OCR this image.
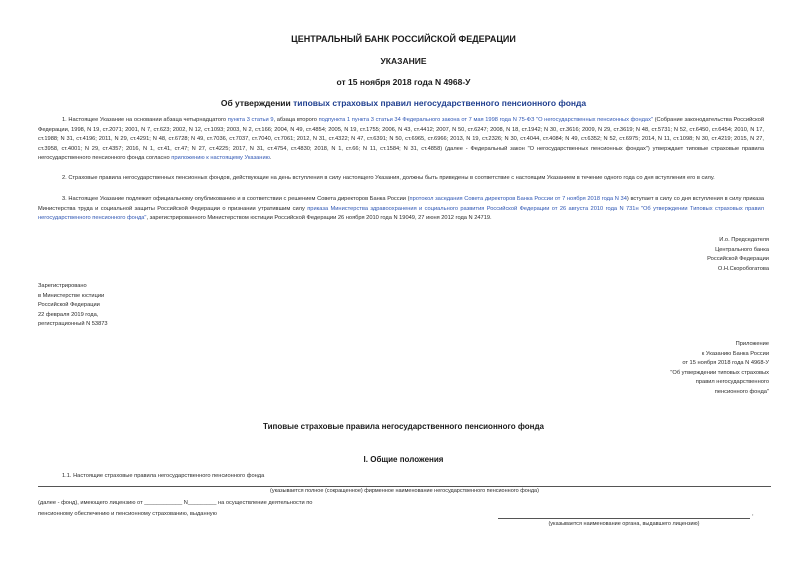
ЦЕНТРАЛЬНЫЙ БАНК РОССИЙСКОЙ ФЕДЕРАЦИИ
УКАЗАНИЕ
от 15 ноября 2018 года N 4968-У
Об утверждении типовых страховых правил негосударственного пенсионного фонда
1. Настоящее Указание на основании абзаца четырнадцатого пункта 3 статьи 9, абзаца второго подпункта 1 пункта 3 статьи 34 Федерального закона от 7 мая 1998 года N 75-ФЗ "О негосударственных пенсионных фондах" (Собрание законодательства Российской Федерации, 1998, N 19, ст.2071; 2001, N 7, ст.623; 2002, N 12, ст.1093; 2003, N 2, ст.166; 2004, N 49, ст.4854; 2005, N 19, ст.1755; 2006, N 43, ст.4412; 2007, N 50, ст.6247; 2008, N 18, ст.1942; N 30, ст.3616; 2009, N 29, ст.3619; N 48, ст.5731; N 52, ст.6450, ст.6454; 2010, N 17, ст.1988; N 31, ст.4196; 2011, N 29, ст.4291; N 48, ст.6728; N 49, ст.7036, ст.7037, ст.7040, ст.7061; 2012, N 31, ст.4322; N 47, ст.6391; N 50, ст.6965, ст.6966; 2013, N 19, ст.2326; N 30, ст.4044, ст.4084; N 49, ст.6352; N 52, ст.6975; 2014, N 11, ст.1098; N 30, ст.4219; 2015, N 27, ст.3958, ст.4001; N 29, ст.4357; 2016, N 1, ст.41, ст.47; N 27, ст.4225; 2017, N 31, ст.4754, ст.4830; 2018, N 1, ст.66; N 11, ст.1584; N 31, ст.4858) (далее - Федеральный закон "О негосударственных пенсионных фондах") утверждает типовые страховые правила негосударственного пенсионного фонда согласно приложению к настоящему Указанию.
2. Страховые правила негосударственных пенсионных фондов, действующие на день вступления в силу настоящего Указания, должны быть приведены в соответствие с настоящим Указанием в течение одного года со дня вступления его в силу.
3. Настоящее Указание подлежит официальному опубликованию и в соответствии с решением Совета директоров Банка России (протокол заседания Совета директоров Банка России от 7 ноября 2018 года N 34) вступает в силу со дня вступления в силу приказа Министерства труда и социальной защиты Российской Федерации о признании утратившим силу приказа Министерства здравоохранения и социального развития Российской Федерации от 26 августа 2010 года N 731н "Об утверждении Типовых страховых правил негосударственного пенсионного фонда", зарегистрированного Министерством юстиции Российской Федерации 26 ноября 2010 года N 19049, 27 июня 2012 года N 24719.
И.о. Председателя
Центрального банка
Российской Федерации
О.Н.Скоробогатова
Зарегистрировано
в Министерстве юстиции
Российской Федерации
22 февраля 2019 года,
регистрационный N 53873
Приложение
к Указанию Банка России
от 15 ноября 2018 года N 4968-У
"Об утверждении типовых страховых
правил негосударственного
пенсионного фонда"
Типовые страховые правила негосударственного пенсионного фонда
I. Общие положения
1.1. Настоящие страховые правила негосударственного пенсионного фонда
(указывается полное (сокращенное) фирменное наименование негосударственного пенсионного фонда)
(далее - фонд), имеющего лицензию от ____________ N_________ на осуществление деятельности по
пенсионному обеспечению и пенсионному страхованию, выданную	,
(указывается наименование органа, выдавшего лицензию)
